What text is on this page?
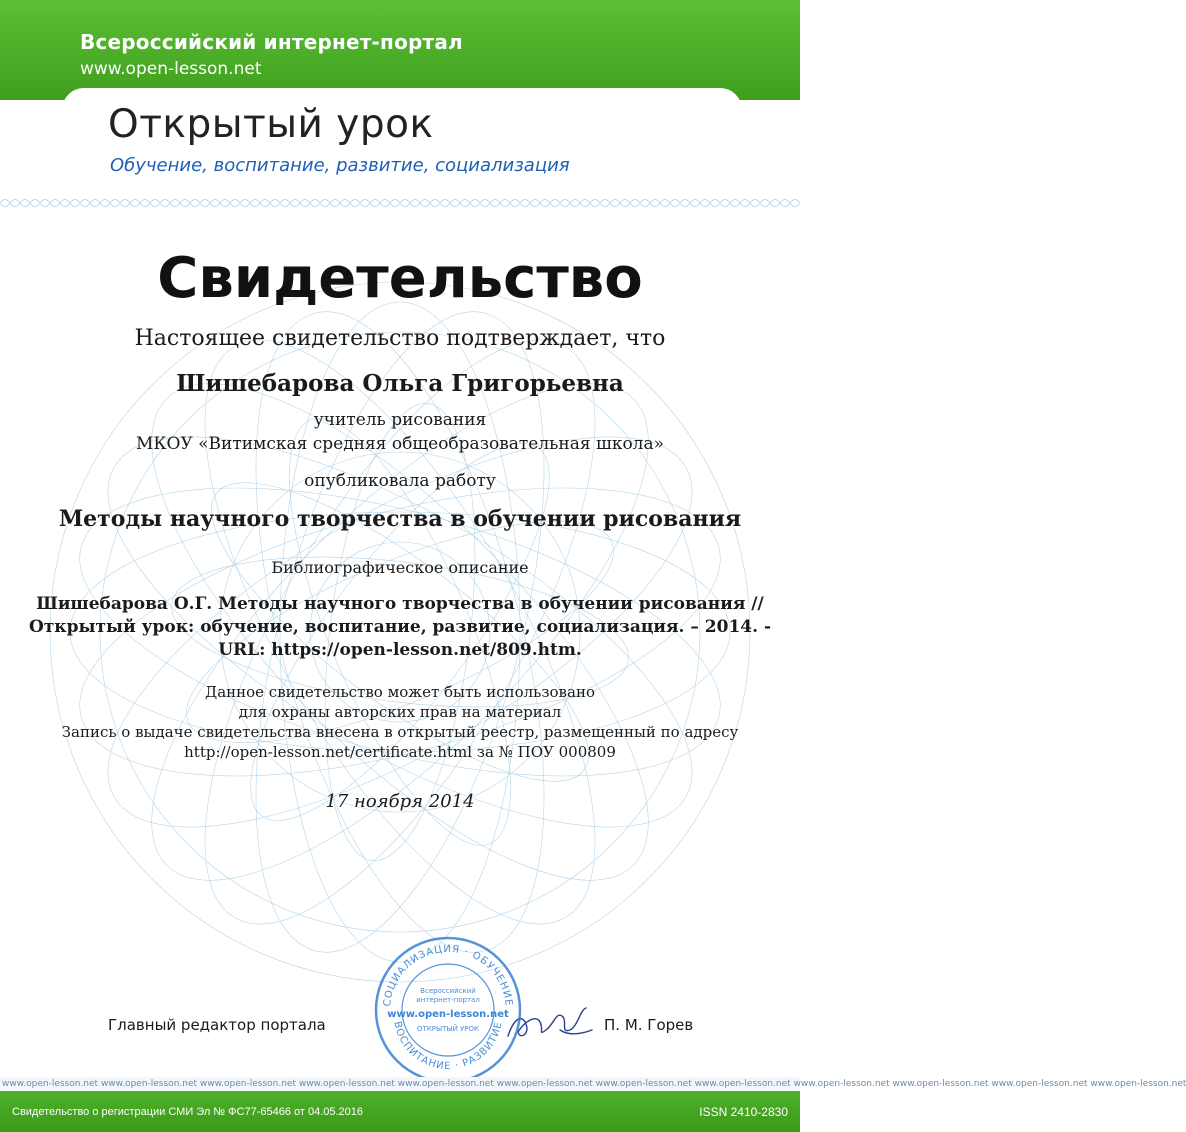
Всероссийский интернет-портал
www.open-lesson.net
Открытый урок
Обучение, воспитание, развитие, социализация
Свидетельство
Настоящее свидетельство подтверждает, что
Шишебарова Ольга Григорьевна
учитель рисования
МКОУ «Витимская средняя общеобразовательная школа»
опубликовала работу
Методы научного творчества в обучении рисования
Библиографическое описание
Шишебарова О.Г. Методы научного творчества в обучении рисования //
Открытый урок: обучение, воспитание, развитие, социализация. – 2014. -
URL: https://open-lesson.net/809.htm.
Данное свидетельство может быть использовано
для охраны авторских прав на материал
Запись о выдаче свидетельства внесена в открытый реестр, размещенный по адресу
http://open-lesson.net/certificate.html за № ПОУ 000809
17 ноября 2014
Главный редактор портала	П. М. Горев
СОЦИАЛИЗАЦИЯ · ОБУЧЕНИЕ
ВОСПИТАНИЕ · РАЗВИТИЕ
Всероссийский
интернет-портал
www.open-lesson.net
ОТКРЫТЫЙ УРОК
www.open-lesson.net www.open-lesson.net www.open-lesson.net www.open-lesson.net www.open-lesson.net www.open-lesson.net www.open-lesson.net www.open-lesson.net www.open-lesson.net www.open-lesson.net www.open-lesson.net www.open-lesson.net
Свидетельство о регистрации СМИ Эл № ФС77-65466 от 04.05.2016	ISSN 2410-2830
